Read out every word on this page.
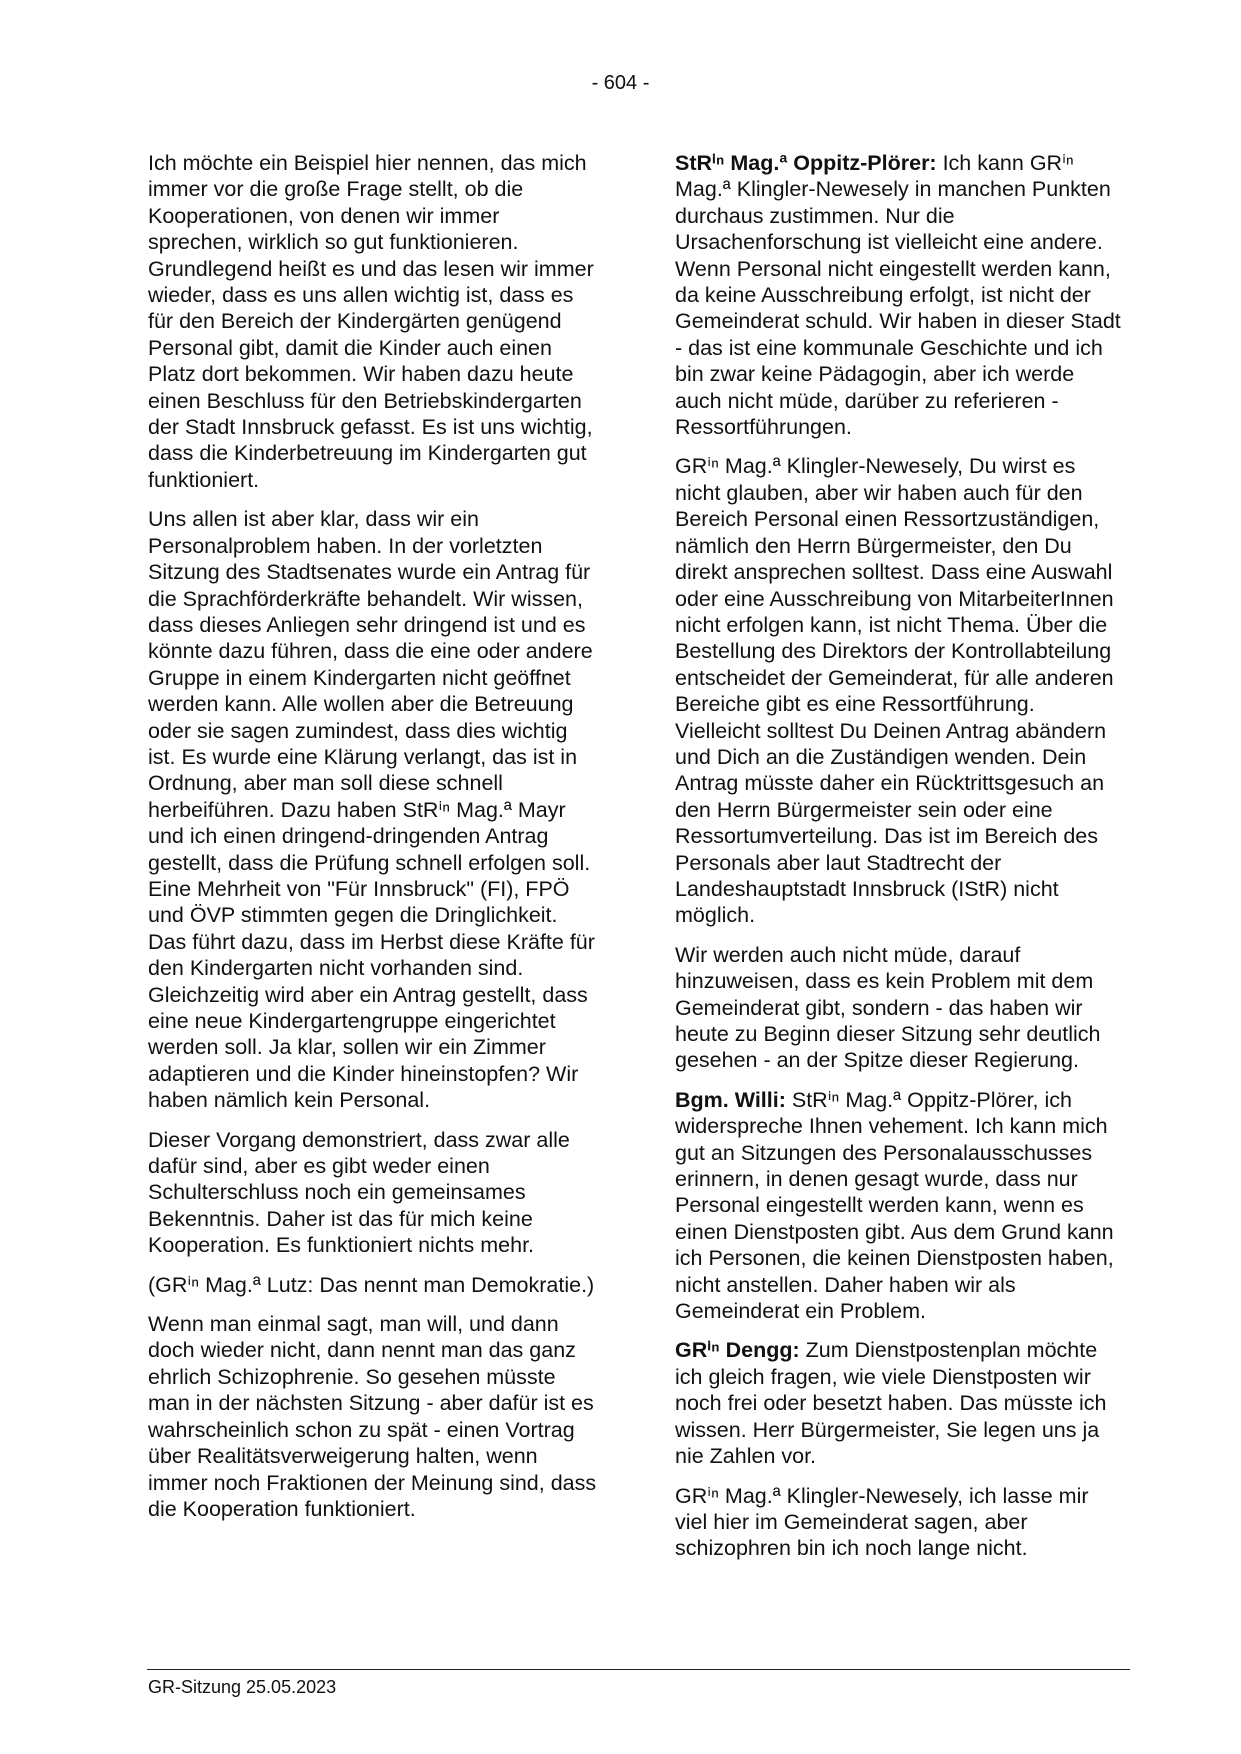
- 604 -

Ich möchte ein Beispiel hier nennen, das mich immer vor die große Frage stellt, ob die Kooperationen, von denen wir immer sprechen, wirklich so gut funktionieren. Grundlegend heißt es und das lesen wir immer wieder, dass es uns allen wichtig ist, dass es für den Bereich der Kindergärten genügend Personal gibt, damit die Kinder auch einen Platz dort bekommen. Wir haben dazu heute einen Beschluss für den Betriebskindergarten der Stadt Innsbruck gefasst. Es ist uns wichtig, dass die Kinderbetreuung im Kindergarten gut funktioniert.

Uns allen ist aber klar, dass wir ein Personalproblem haben. In der vorletzten Sitzung des Stadtsenates wurde ein Antrag für die Sprachförderkräfte behandelt. Wir wissen, dass dieses Anliegen sehr dringend ist und es könnte dazu führen, dass die eine oder andere Gruppe in einem Kindergarten nicht geöffnet werden kann. Alle wollen aber die Betreuung oder sie sagen zumindest, dass dies wichtig ist. Es wurde eine Klärung verlangt, das ist in Ordnung, aber man soll diese schnell herbeiführen. Dazu haben StRⁱⁿ Mag.ª Mayr und ich einen dringend-dringenden Antrag gestellt, dass die Prüfung schnell erfolgen soll. Eine Mehrheit von "Für Innsbruck" (FI), FPÖ und ÖVP stimmten gegen die Dringlichkeit. Das führt dazu, dass im Herbst diese Kräfte für den Kindergarten nicht vorhanden sind. Gleichzeitig wird aber ein Antrag gestellt, dass eine neue Kindergartengruppe eingerichtet werden soll. Ja klar, sollen wir ein Zimmer adaptieren und die Kinder hineinstopfen? Wir haben nämlich kein Personal.

Dieser Vorgang demonstriert, dass zwar alle dafür sind, aber es gibt weder einen Schulterschluss noch ein gemeinsames Bekenntnis. Daher ist das für mich keine Kooperation. Es funktioniert nichts mehr.

(GRⁱⁿ Mag.ª Lutz: Das nennt man Demokratie.)

Wenn man einmal sagt, man will, und dann doch wieder nicht, dann nennt man das ganz ehrlich Schizophrenie. So gesehen müsste man in der nächsten Sitzung - aber dafür ist es wahrscheinlich schon zu spät - einen Vortrag über Realitätsverweigerung halten, wenn immer noch Fraktionen der Meinung sind, dass die Kooperation funktioniert.

StRⁱⁿ Mag.ª Oppitz-Plörer: Ich kann GRⁱⁿ Mag.ª Klingler-Newesely in manchen Punkten durchaus zustimmen. Nur die Ursachenforschung ist vielleicht eine andere. Wenn Personal nicht eingestellt werden kann, da keine Ausschreibung erfolgt, ist nicht der Gemeinderat schuld. Wir haben in dieser Stadt - das ist eine kommunale Geschichte und ich bin zwar keine Pädagogin, aber ich werde auch nicht müde, darüber zu referieren - Ressortführungen.

GRⁱⁿ Mag.ª Klingler-Newesely, Du wirst es nicht glauben, aber wir haben auch für den Bereich Personal einen Ressortzuständigen, nämlich den Herrn Bürgermeister, den Du direkt ansprechen solltest. Dass eine Auswahl oder eine Ausschreibung von MitarbeiterInnen nicht erfolgen kann, ist nicht Thema. Über die Bestellung des Direktors der Kontrollabteilung entscheidet der Gemeinderat, für alle anderen Bereiche gibt es eine Ressortführung. Vielleicht solltest Du Deinen Antrag abändern und Dich an die Zuständigen wenden. Dein Antrag müsste daher ein Rücktrittsgesuch an den Herrn Bürgermeister sein oder eine Ressortumverteilung. Das ist im Bereich des Personals aber laut Stadtrecht der Landeshauptstadt Innsbruck (IStR) nicht möglich.

Wir werden auch nicht müde, darauf hinzuweisen, dass es kein Problem mit dem Gemeinderat gibt, sondern - das haben wir heute zu Beginn dieser Sitzung sehr deutlich gesehen - an der Spitze dieser Regierung.

Bgm. Willi: StRⁱⁿ Mag.ª Oppitz-Plörer, ich widerspreche Ihnen vehement. Ich kann mich gut an Sitzungen des Personalausschusses erinnern, in denen gesagt wurde, dass nur Personal eingestellt werden kann, wenn es einen Dienstposten gibt. Aus dem Grund kann ich Personen, die keinen Dienstposten haben, nicht anstellen. Daher haben wir als Gemeinderat ein Problem.

GRⁱⁿ Dengg: Zum Dienstpostenplan möchte ich gleich fragen, wie viele Dienstposten wir noch frei oder besetzt haben. Das müsste ich wissen. Herr Bürgermeister, Sie legen uns ja nie Zahlen vor.

GRⁱⁿ Mag.ª Klingler-Newesely, ich lasse mir viel hier im Gemeinderat sagen, aber schizophren bin ich noch lange nicht.

GR-Sitzung 25.05.2023
